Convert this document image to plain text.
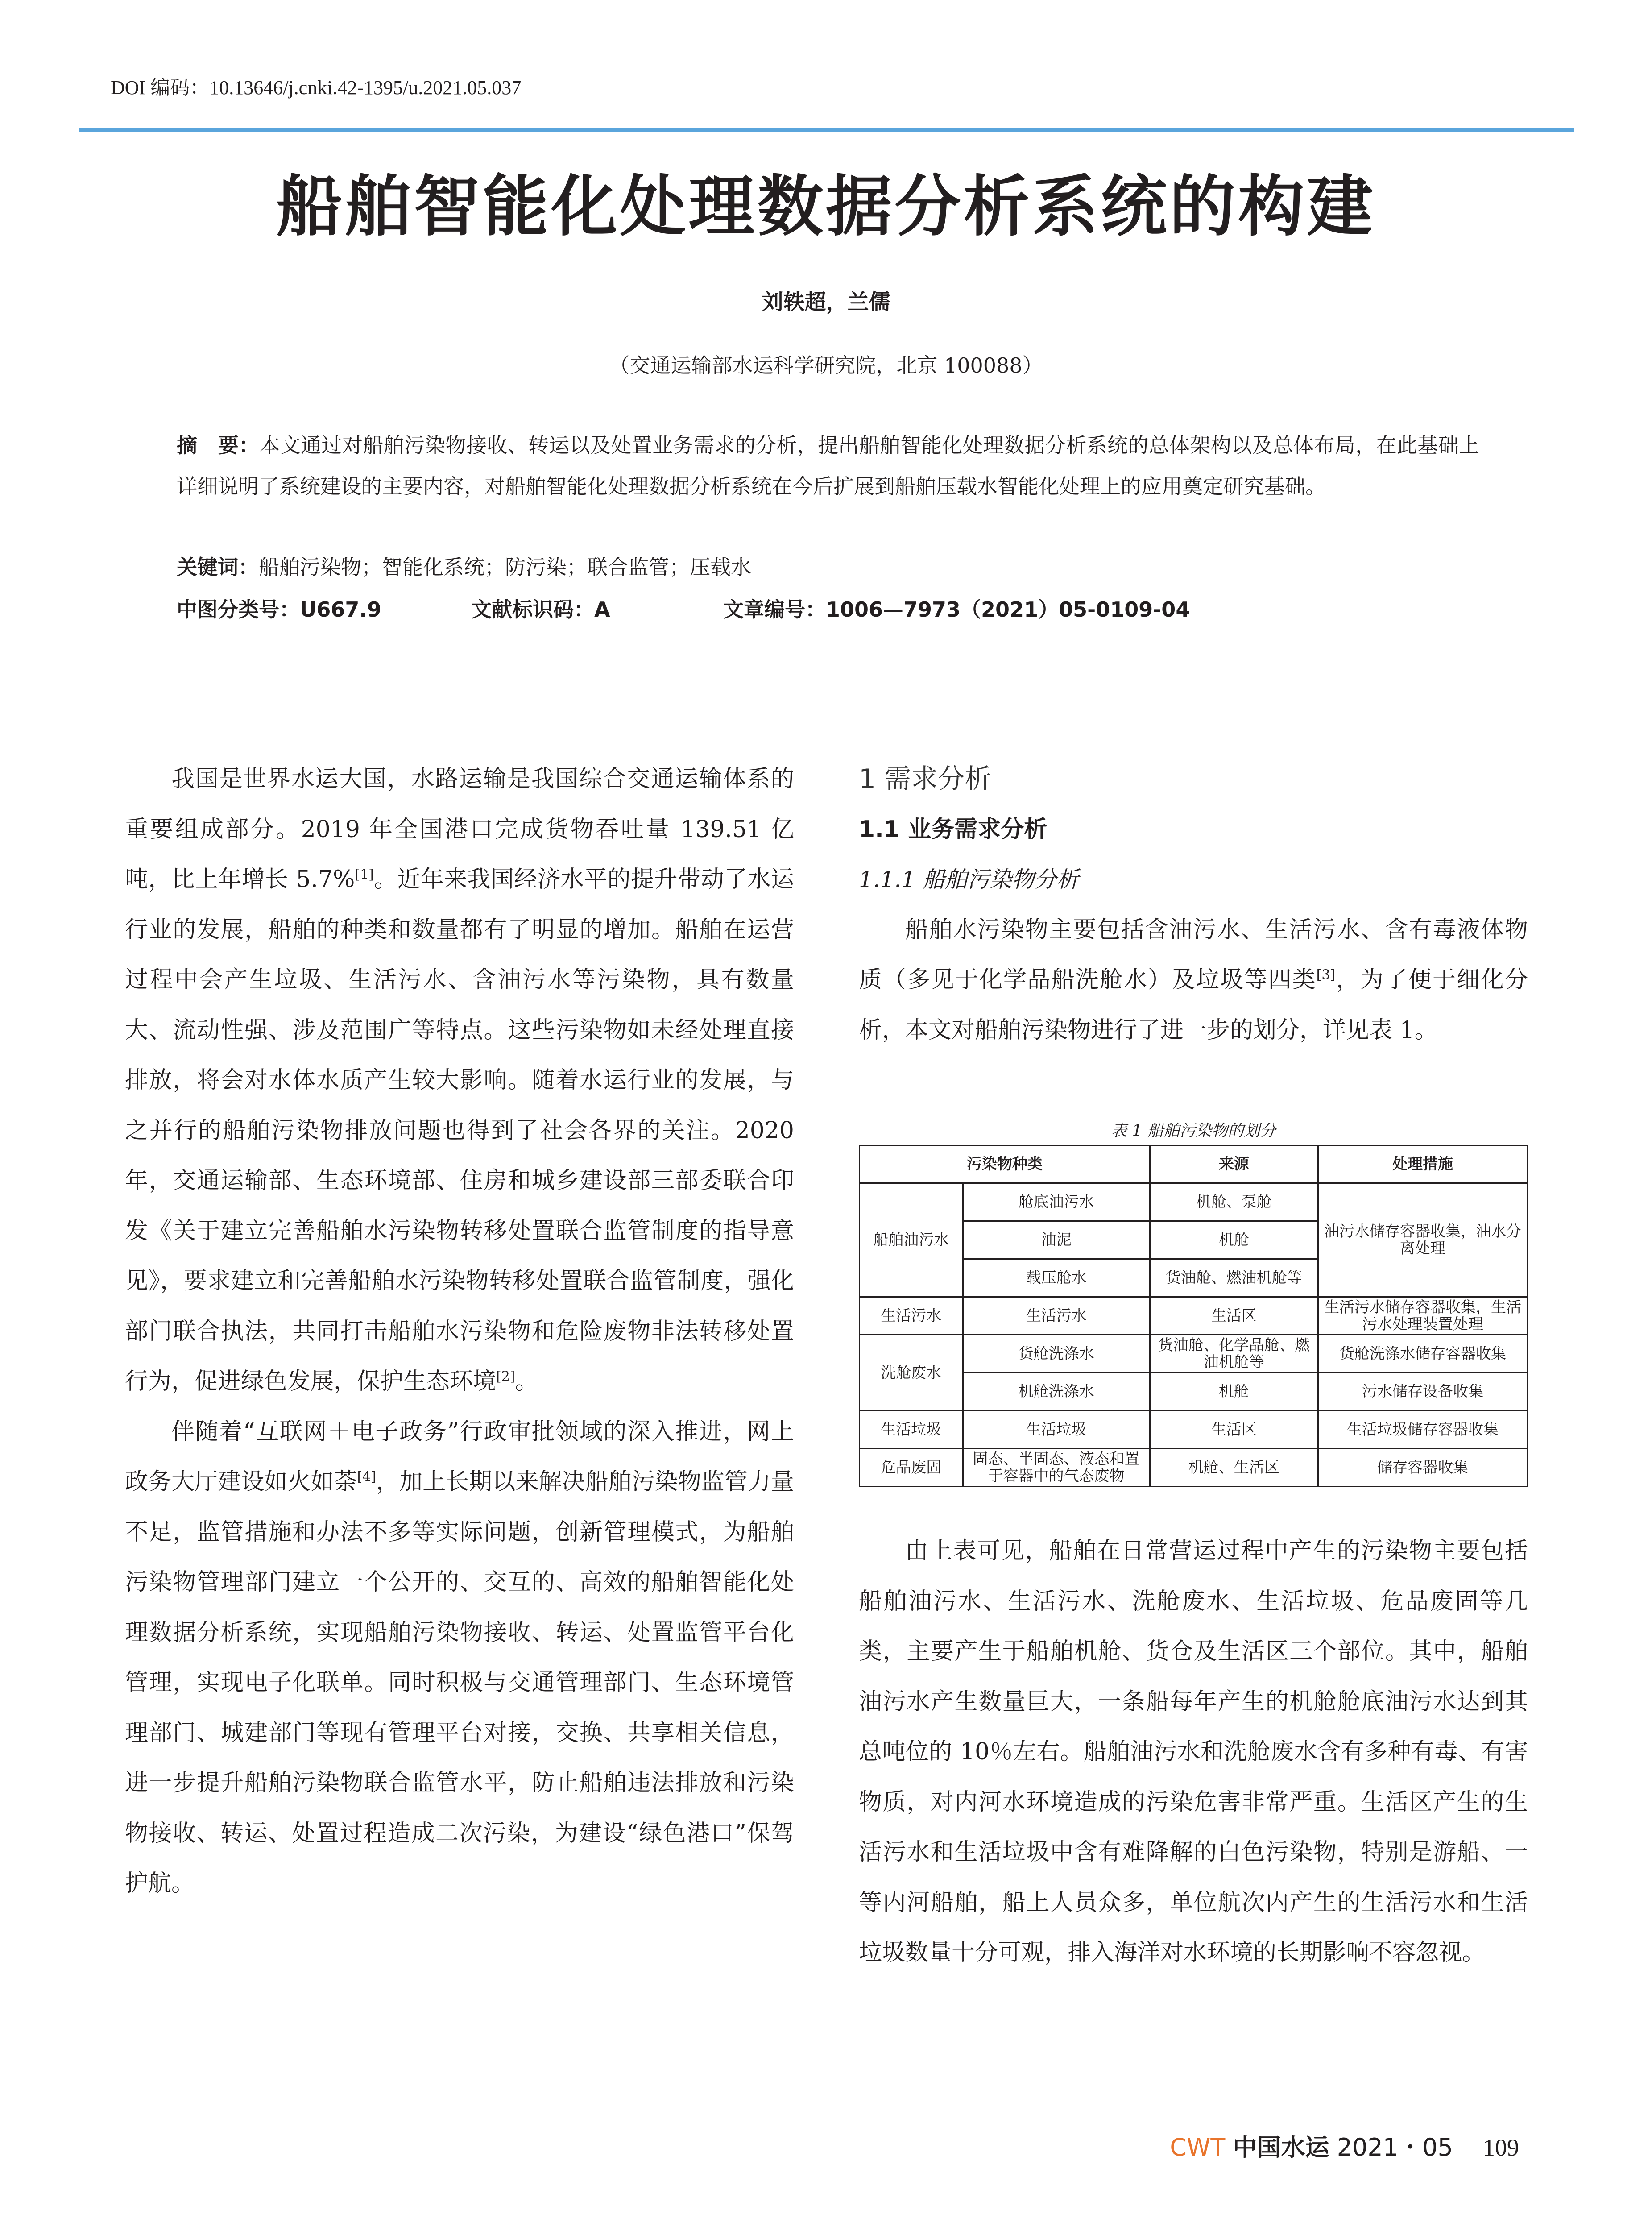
DOI 编码：10.13646/j.cnki.42-1395/u.2021.05.037
船舶智能化处理数据分析系统的构建
刘轶超，兰儒
（交通运输部水运科学研究院，北京 100088）
摘　要：本文通过对船舶污染物接收、转运以及处置业务需求的分析，提出船舶智能化处理数据分析系统的总体架构以及总体布局，在此基础上详细说明了系统建设的主要内容，对船舶智能化处理数据分析系统在今后扩展到船舶压载水智能化处理上的应用奠定研究基础。
关键词：船舶污染物；智能化系统；防污染；联合监管；压载水
中图分类号：U667.9	文献标识码：A	文章编号：1006—7973（2021）05-0109-04

我国是世界水运大国，水路运输是我国综合交通运输体系的重要组成部分。2019 年全国港口完成货物吞吐量 139.51 亿吨，比上年增长 5.7%[1]。近年来我国经济水平的提升带动了水运行业的发展，船舶的种类和数量都有了明显的增加。船舶在运营过程中会产生垃圾、生活污水、含油污水等污染物，具有数量大、流动性强、涉及范围广等特点。这些污染物如未经处理直接排放，将会对水体水质产生较大影响。随着水运行业的发展，与之并行的船舶污染物排放问题也得到了社会各界的关注。2020 年，交通运输部、生态环境部、住房和城乡建设部三部委联合印发《关于建立完善船舶水污染物转移处置联合监管制度的指导意见》，要求建立和完善船舶水污染物转移处置联合监管制度，强化部门联合执法，共同打击船舶水污染物和危险废物非法转移处置行为，促进绿色发展，保护生态环境[2]。

伴随着“互联网＋电子政务”行政审批领域的深入推进，网上政务大厅建设如火如荼[4]，加上长期以来解决船舶污染物监管力量不足，监管措施和办法不多等实际问题，创新管理模式，为船舶污染物管理部门建立一个公开的、交互的、高效的船舶智能化处理数据分析系统，实现船舶污染物接收、转运、处置监管平台化管理，实现电子化联单。同时积极与交通管理部门、生态环境管理部门、城建部门等现有管理平台对接，交换、共享相关信息，进一步提升船舶污染物联合监管水平，防止船舶违法排放和污染物接收、转运、处置过程造成二次污染，为建设“绿色港口”保驾护航。

1 需求分析
1.1 业务需求分析
1.1.1 船舶污染物分析

船舶水污染物主要包括含油污水、生活污水、含有毒液体物质（多见于化学品船洗舱水）及垃圾等四类[3]，为了便于细化分析，本文对船舶污染物进行了进一步的划分，详见表 1。

表 1 船舶污染物的划分
污染物种类		来源	处理措施
船舶油污水	舱底油污水	机舱、泵舱	油污水储存容器收集，油水分离处理
	油泥	机舱	
	载压舱水	货油舱、燃油机舱等	
生活污水	生活污水	生活区	生活污水储存容器收集，生活污水处理装置处理
洗舱废水	货舱洗涤水	货油舱、化学品舱、燃油机舱等	货舱洗涤水储存容器收集
	机舱洗涤水	机舱	污水储存设备收集
生活垃圾	生活垃圾	生活区	生活垃圾储存容器收集
危品废固	固态、半固态、液态和置于容器中的气态废物	机舱、生活区	储存容器收集

由上表可见，船舶在日常营运过程中产生的污染物主要包括船舶油污水、生活污水、洗舱废水、生活垃圾、危品废固等几类，主要产生于船舶机舱、货仓及生活区三个部位。其中，船舶油污水产生数量巨大，一条船每年产生的机舱舱底油污水达到其总吨位的 10％左右。船舶油污水和洗舱废水含有多种有毒、有害物质，对内河水环境造成的污染危害非常严重。生活区产生的生活污水和生活垃圾中含有难降解的白色污染物，特别是游船、一等内河船舶，船上人员众多，单位航次内产生的生活污水和生活垃圾数量十分可观，排入海洋对水环境的长期影响不容忽视。

CWT 中国水运 2021・05 109
